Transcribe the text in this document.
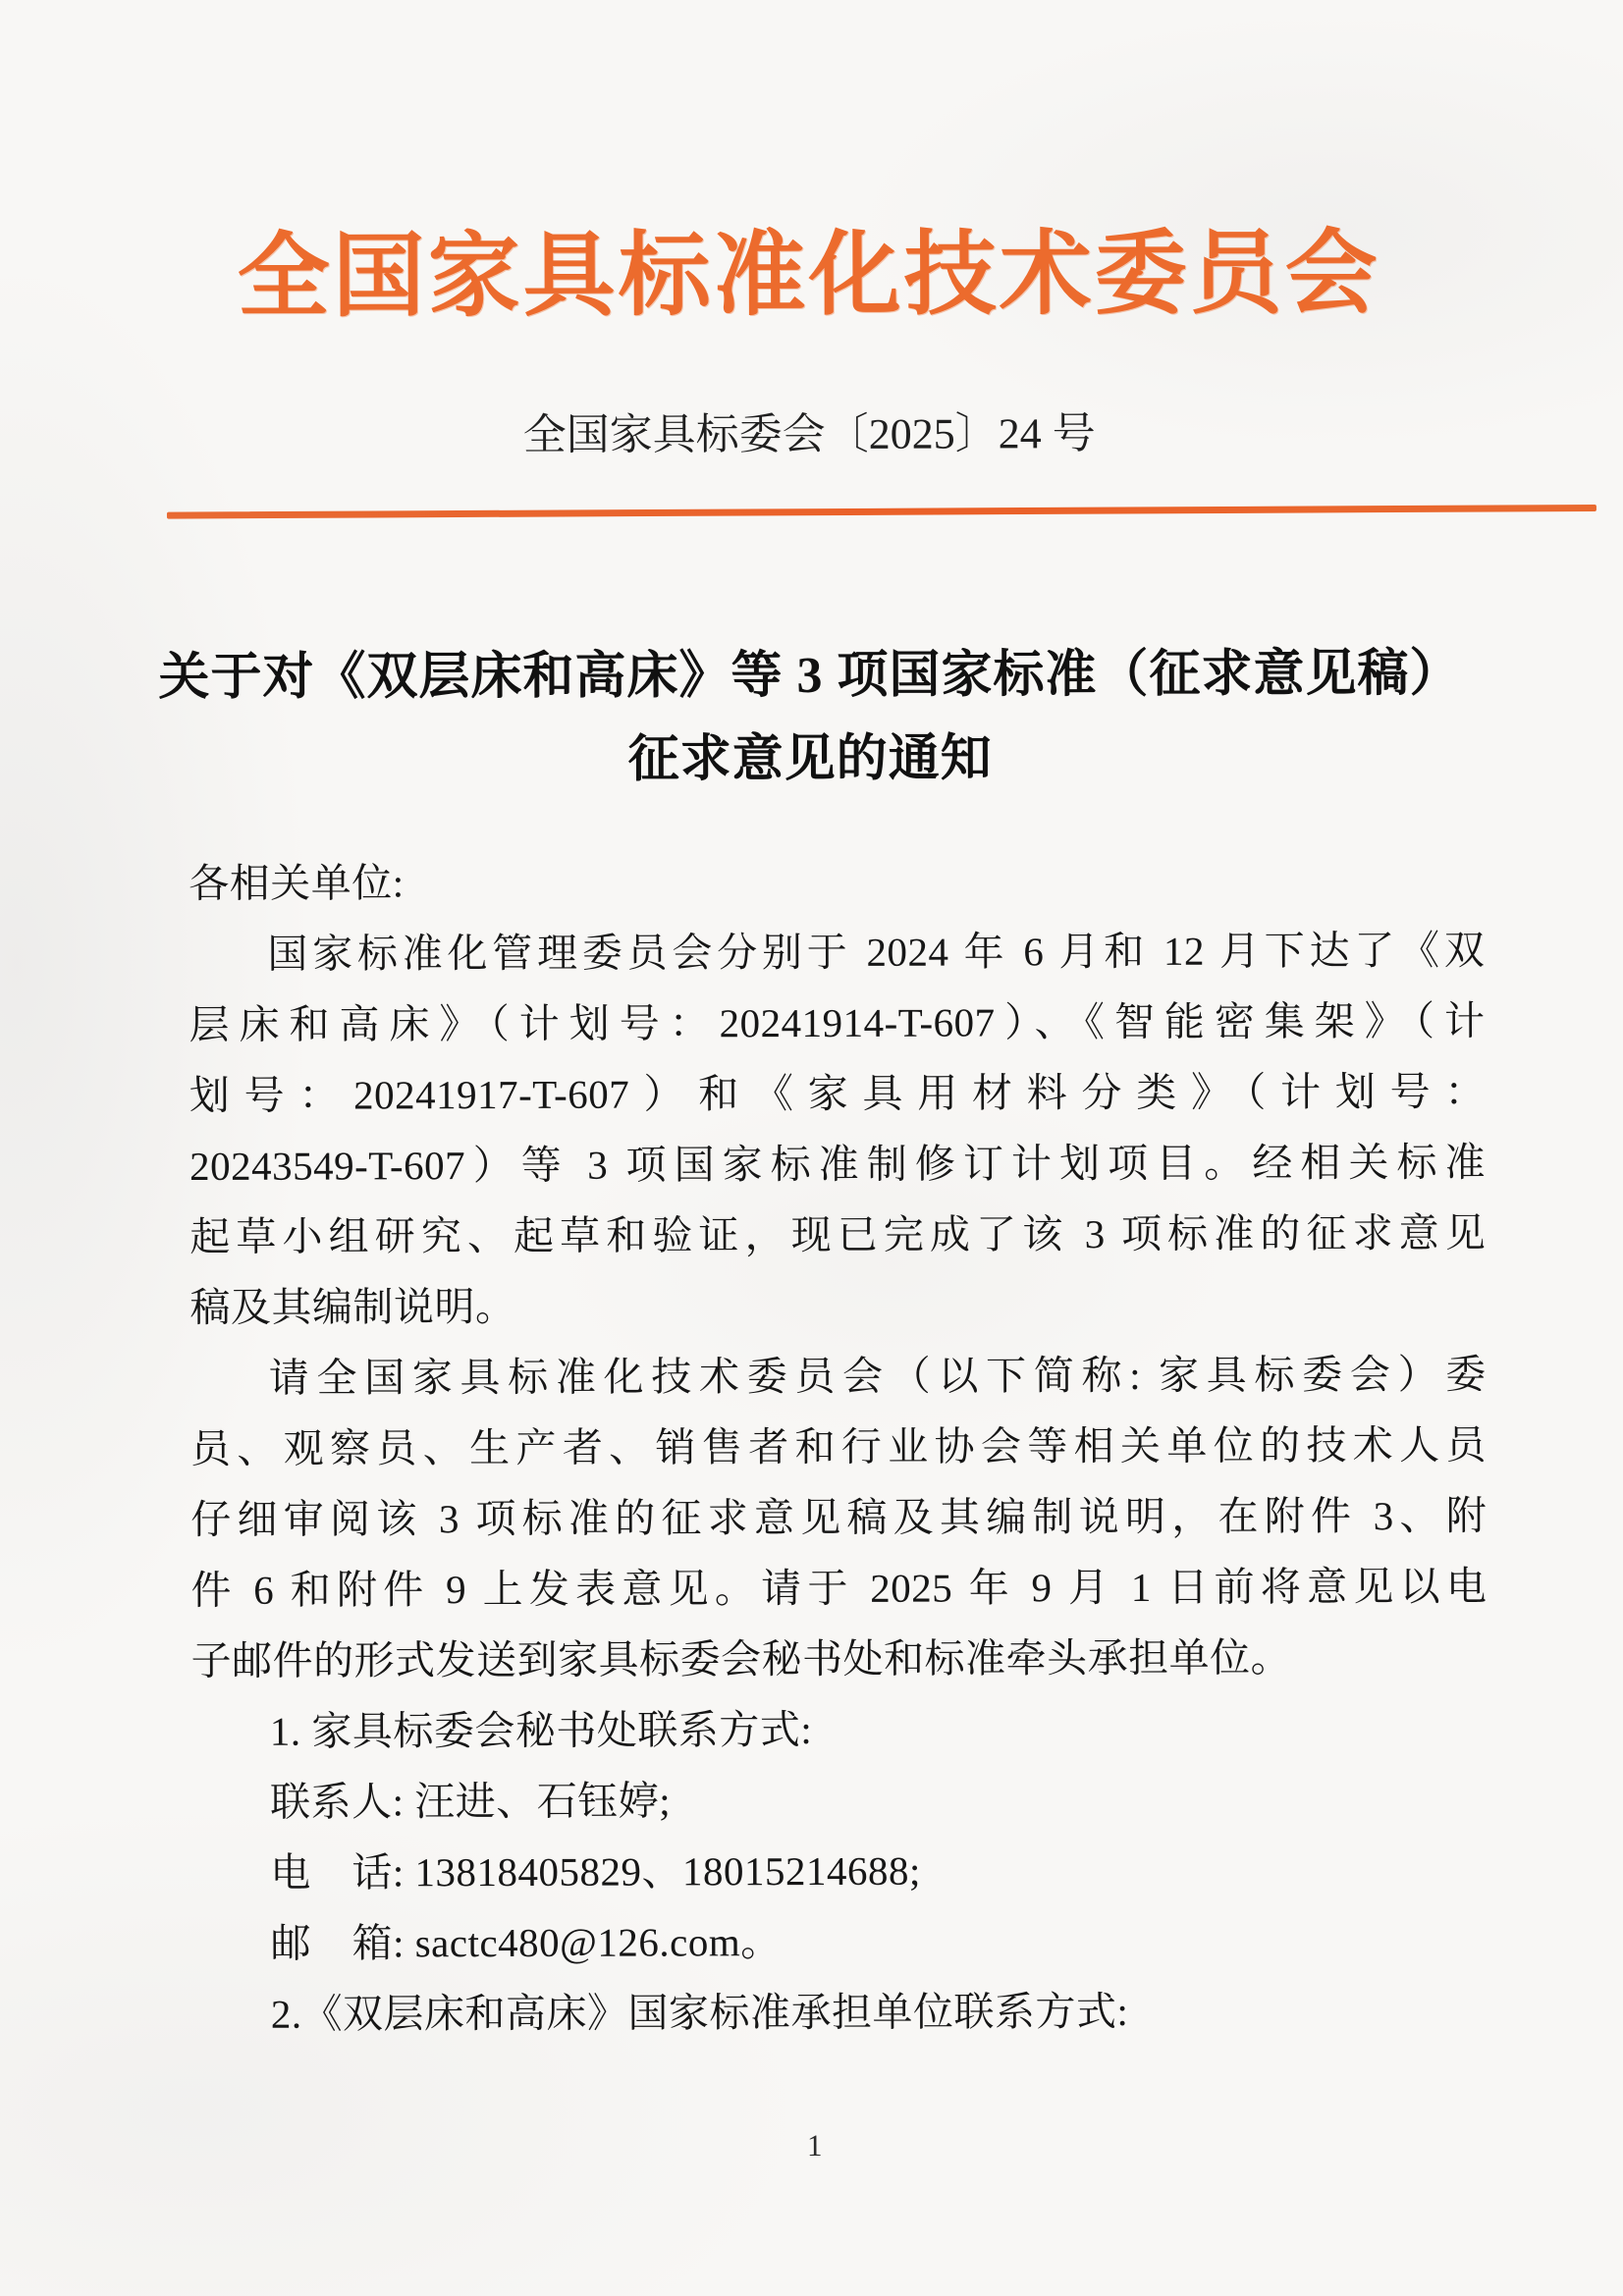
全国家具标准化技术委员会
全国家具标委会〔2025〕24 号
关于对《双层床和高床》等 3 项国家标准（征求意见稿）
征求意见的通知
各相关单位:
国家标准化管理委员会分别于 2024 年 6 月和 12 月下达了《双
层床和高床》（计划号：20241914-T-607）、《智能密集架》（计
划号：20241917-T-607）和《家具用材料分类》（计划号：
20243549-T-607）等 3 项国家标准制修订计划项目。经相关标准
起草小组研究、起草和验证，现已完成了该 3 项标准的征求意见
稿及其编制说明。
请全国家具标准化技术委员会（以下简称: 家具标委会）委
员、观察员、生产者、销售者和行业协会等相关单位的技术人员
仔细审阅该 3 项标准的征求意见稿及其编制说明，在附件 3、附
件 6 和附件 9 上发表意见。请于 2025 年 9 月 1 日前将意见以电
子邮件的形式发送到家具标委会秘书处和标准牵头承担单位。
1. 家具标委会秘书处联系方式:
联系人: 汪进、石钰婷;
电　话: 13818405829、18015214688;
邮　箱: sactc480@126.com。
2.《双层床和高床》国家标准承担单位联系方式:
1
